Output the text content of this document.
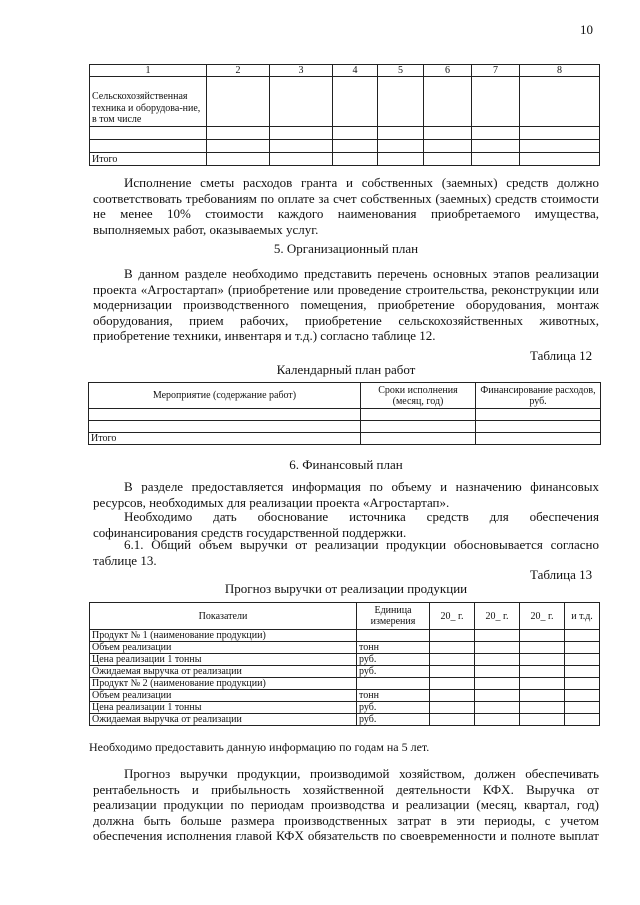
10
1	2	3	4	5	6	7	8
Сельскохозяйственная техника и оборудова-ние, в том числе							

Итого							
Исполнение сметы расходов гранта и собственных (заемных) средств должно соответствовать требованиям по оплате за счет собственных (заемных) средств стоимости не менее 10% стоимости каждого наименования приобретаемого имущества, выполняемых работ, оказываемых услуг.
5. Организационный план
В данном разделе необходимо представить перечень основных этапов реализации проекта «Агростартап» (приобретение или проведение строительства, реконструкции или модернизации производственного помещения, приобретение оборудования, монтаж оборудования, прием рабочих, приобретение сельскохозяйственных животных, приобретение техники, инвентаря и т.д.) согласно таблице 12.
Таблица 12
Календарный план работ
Мероприятие (содержание работ)	Сроки исполнения (месяц, год)	Финансирование расходов, руб.

Итого		
6. Финансовый план
В разделе предоставляется информация по объему и назначению финансовых ресурсов, необходимых для реализации проекта «Агростартап».
Необходимо дать обоснование источника средств для обеспечения софинансирования средств государственной поддержки.
6.1. Общий объем выручки от реализации продукции обосновывается согласно таблице 13.
Таблица 13
Прогноз выручки от реализации продукции
Показатели	Единица измерения	20_ г.	20_ г.	20_ г.	и т.д.
Продукт № 1 (наименование продукции)					
Объем реализации	тонн				
Цена реализации 1 тонны	руб.				
Ожидаемая выручка от реализации	руб.				
Продукт № 2 (наименование продукции)					
Объем реализации	тонн				
Цена реализации 1 тонны	руб.				
Ожидаемая выручка от реализации	руб.				
Необходимо предоставить данную информацию по годам на 5 лет.
Прогноз выручки продукции, производимой хозяйством, должен обеспечивать рентабельность и прибыльность хозяйственной деятельности КФХ. Выручка от реализации продукции по периодам производства и реализации (месяц, квартал, год) должна быть больше размера производственных затрат в эти периоды, с учетом обеспечения исполнения главой КФХ обязательств по своевременности и полноте выплат
